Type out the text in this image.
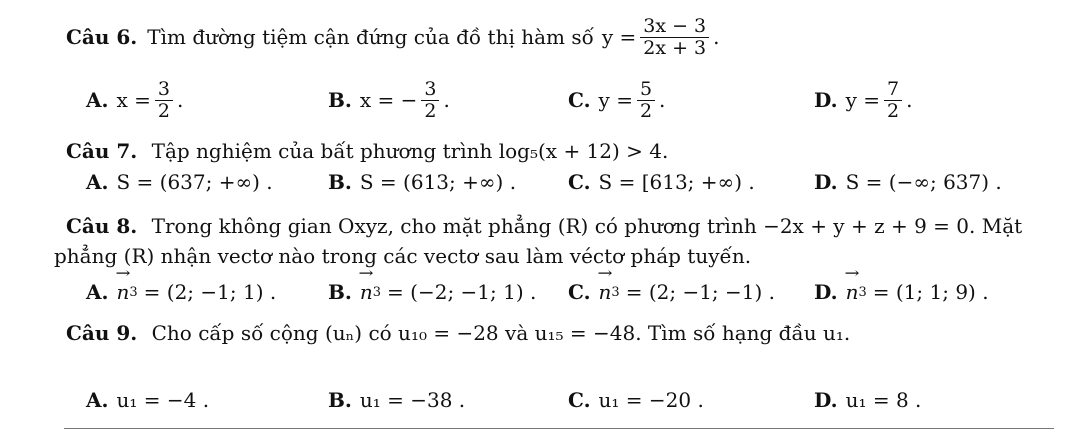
Câu 6. Tìm đường tiệm cận đứng của đồ thị hàm số $y = \frac{3x - 3}{2x + 3}$ .
A. $x = \frac{3}{2}$ .	B. x = − $\frac{3}{2}$ .	C. $y = \frac{5}{2}$ .	D. $y = \frac{7}{2}$ .
Câu 7. Tập nghiệm của bất phương trình log₅(x + 12) > 4.
A. S = (637; +∞) .	B. S = (613; +∞) .	C. S = [613; +∞) .	D. S = (−∞; 637) .
Câu 8. Trong không gian Oxyz, cho mặt phẳng (R) có phương trình −2x + y + z + 9 = 0. Mặt
phẳng (R) nhận vectơ nào trong các vectơ sau làm véctơ pháp tuyến.
A. → n 3 = (2; −1; 1) .	B. → n 3 = (−2; −1; 1) . C. → n 3 = (2; −1; −1) . D. → n 3 = (1; 1; 9) .
Câu 9. Cho cấp số cộng (uₙ) có u₁₀ = −28 và u₁₅ = −48. Tìm số hạng đầu u₁.
A. u₁ = −4 .	B. u₁ = −38 .	C. u₁ = −20 .	D. u₁ = 8 .
